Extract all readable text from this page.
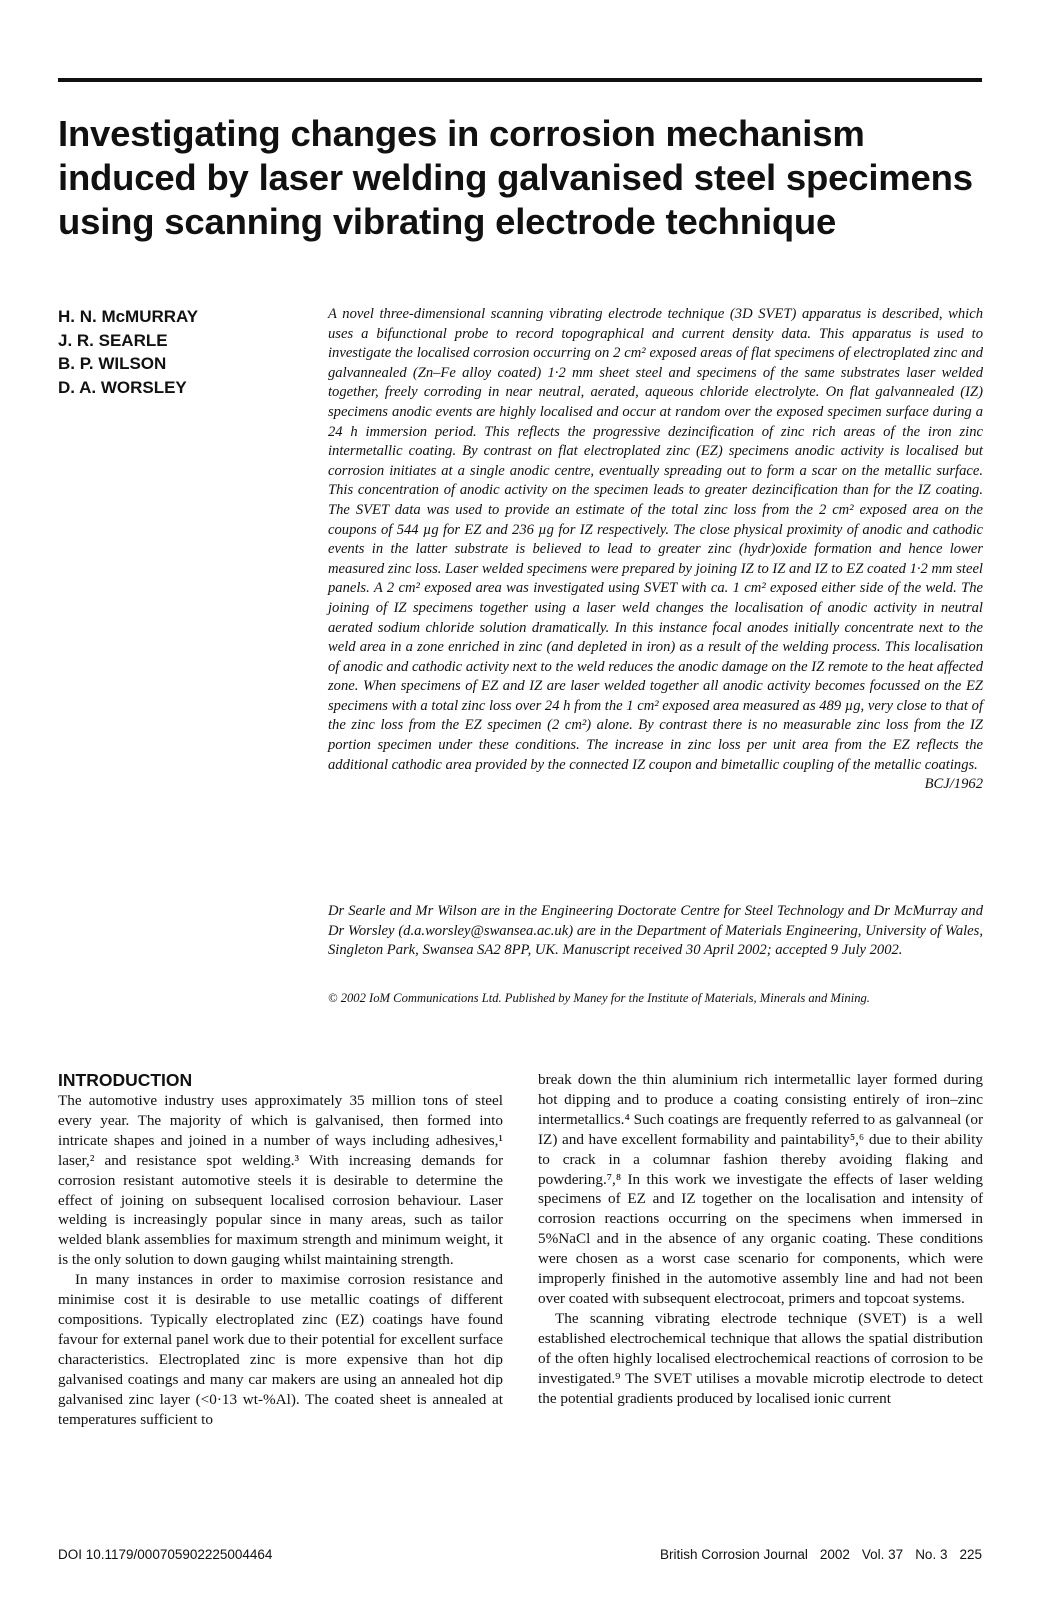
Investigating changes in corrosion mechanism induced by laser welding galvanised steel specimens using scanning vibrating electrode technique
H. N. McMURRAY
J. R. SEARLE
B. P. WILSON
D. A. WORSLEY
A novel three-dimensional scanning vibrating electrode technique (3D SVET) apparatus is described, which uses a bifunctional probe to record topographical and current density data. This apparatus is used to investigate the localised corrosion occurring on 2 cm² exposed areas of flat specimens of electroplated zinc and galvannealed (Zn–Fe alloy coated) 1·2 mm sheet steel and specimens of the same substrates laser welded together, freely corroding in near neutral, aerated, aqueous chloride electrolyte. On flat galvannealed (IZ) specimens anodic events are highly localised and occur at random over the exposed specimen surface during a 24 h immersion period. This reflects the progressive dezincification of zinc rich areas of the iron zinc intermetallic coating. By contrast on flat electroplated zinc (EZ) specimens anodic activity is localised but corrosion initiates at a single anodic centre, eventually spreading out to form a scar on the metallic surface. This concentration of anodic activity on the specimen leads to greater dezincification than for the IZ coating. The SVET data was used to provide an estimate of the total zinc loss from the 2 cm² exposed area on the coupons of 544 µg for EZ and 236 µg for IZ respectively. The close physical proximity of anodic and cathodic events in the latter substrate is believed to lead to greater zinc (hydr)oxide formation and hence lower measured zinc loss. Laser welded specimens were prepared by joining IZ to IZ and IZ to EZ coated 1·2 mm steel panels. A 2 cm² exposed area was investigated using SVET with ca. 1 cm² exposed either side of the weld. The joining of IZ specimens together using a laser weld changes the localisation of anodic activity in neutral aerated sodium chloride solution dramatically. In this instance focal anodes initially concentrate next to the weld area in a zone enriched in zinc (and depleted in iron) as a result of the welding process. This localisation of anodic and cathodic activity next to the weld reduces the anodic damage on the IZ remote to the heat affected zone. When specimens of EZ and IZ are laser welded together all anodic activity becomes focussed on the EZ specimens with a total zinc loss over 24 h from the 1 cm² exposed area measured as 489 µg, very close to that of the zinc loss from the EZ specimen (2 cm²) alone. By contrast there is no measurable zinc loss from the IZ portion specimen under these conditions. The increase in zinc loss per unit area from the EZ reflects the additional cathodic area provided by the connected IZ coupon and bimetallic coupling of the metallic coatings.
BCJ/1962
Dr Searle and Mr Wilson are in the Engineering Doctorate Centre for Steel Technology and Dr McMurray and Dr Worsley (d.a.worsley@swansea.ac.uk) are in the Department of Materials Engineering, University of Wales, Singleton Park, Swansea SA2 8PP, UK. Manuscript received 30 April 2002; accepted 9 July 2002.
© 2002 IoM Communications Ltd. Published by Maney for the Institute of Materials, Minerals and Mining.
INTRODUCTION

The automotive industry uses approximately 35 million tons of steel every year. The majority of which is galvanised, then formed into intricate shapes and joined in a number of ways including adhesives,¹ laser,² and resistance spot welding.³ With increasing demands for corrosion resistant automotive steels it is desirable to determine the effect of joining on subsequent localised corrosion behaviour. Laser welding is increasingly popular since in many areas, such as tailor welded blank assemblies for maximum strength and minimum weight, it is the only solution to down gauging whilst maintaining strength.

In many instances in order to maximise corrosion resistance and minimise cost it is desirable to use metallic coatings of different compositions. Typically electroplated zinc (EZ) coatings have found favour for external panel work due to their potential for excellent surface characteristics. Electroplated zinc is more expensive than hot dip galvanised coatings and many car makers are using an annealed hot dip galvanised zinc layer (<0·13 wt-%Al). The coated sheet is annealed at temperatures sufficient to

break down the thin aluminium rich intermetallic layer formed during hot dipping and to produce a coating consisting entirely of iron–zinc intermetallics.⁴ Such coatings are frequently referred to as galvanneal (or IZ) and have excellent formability and paintability⁵,⁶ due to their ability to crack in a columnar fashion thereby avoiding flaking and powdering.⁷,⁸ In this work we investigate the effects of laser welding specimens of EZ and IZ together on the localisation and intensity of corrosion reactions occurring on the specimens when immersed in 5%NaCl and in the absence of any organic coating. These conditions were chosen as a worst case scenario for components, which were improperly finished in the automotive assembly line and had not been over coated with subsequent electrocoat, primers and topcoat systems.

The scanning vibrating electrode technique (SVET) is a well established electrochemical technique that allows the spatial distribution of the often highly localised electrochemical reactions of corrosion to be investigated.⁹ The SVET utilises a movable microtip electrode to detect the potential gradients produced by localised ionic current

DOI 10.1179/000705902225004464	British Corrosion Journal 2002 Vol. 37 No. 3 225
